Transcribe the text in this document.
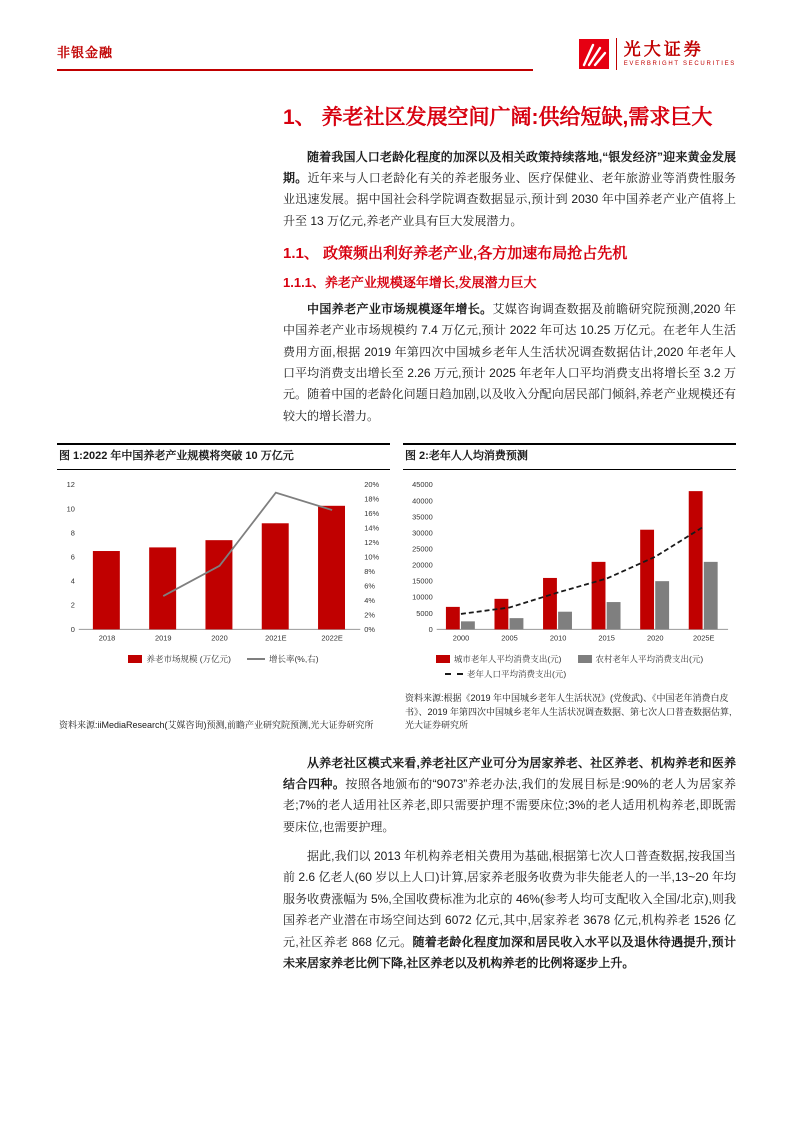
非银金融	光大证券
EVERBRIGHT SECURITIES
1、 养老社区发展空间广阔:供给短缺,需求巨大

随着我国人口老龄化程度的加深以及相关政策持续落地,“银发经济”迎来黄金发展期。近年来与人口老龄化有关的养老服务业、医疗保健业、老年旅游业等消费性服务业迅速发展。据中国社会科学院调查数据显示,预计到 2030 年中国养老产业产值将上升至 13 万亿元,养老产业具有巨大发展潜力。

1.1、 政策频出利好养老产业,各方加速布局抢占先机
1.1.1、养老产业规模逐年增长,发展潜力巨大

中国养老产业市场规模逐年增长。艾媒咨询调查数据及前瞻研究院预测,2020 年中国养老产业市场规模约 7.4 万亿元,预计 2022 年可达 10.25 万亿元。在老年人生活费用方面,根据 2019 年第四次中国城乡老年人生活状况调查数据估计,2020 年老年人口平均消费支出增长至 2.26 万元,预计 2025 年老年人口平均消费支出将增长至 3.2 万元。随着中国的老龄化问题日趋加剧,以及收入分配向居民部门倾斜,养老产业规模还有较大的增长潜力。

图 1:2022 年中国养老产业规模将突破 10 万亿元
0
2
4
6
8
10
12
0%
2%
4%
6%
8%
10%
12%
14%
16%
18%
20%
2018	2019	2020	2021E	2022E
养老市场规模 (万亿元)	增长率(%,右)
资料来源:iiMediaResearch(艾媒咨询)预测,前瞻产业研究院预测,光大证券研究所
图 2:老年人人均消费预测
0
5000
10000
15000
20000
25000
30000
35000
40000
45000
2000	2005	2010	2015	2020	2025E
城市老年人平均消费支出(元)	农村老年人平均消费支出(元)
老年人口平均消费支出(元)
资料来源:根据《2019 年中国城乡老年人生活状况》(党俊武)、《中国老年消费白皮书》、2019 年第四次中国城乡老年人生活状况调查数据、第七次人口普查数据估算,光大证券研究所

从养老社区模式来看,养老社区产业可分为居家养老、社区养老、机构养老和医养结合四种。按照各地颁布的“9073”养老办法,我们的发展目标是:90%的老人为居家养老;7%的老人适用社区养老,即只需要护理不需要床位;3%的老人适用机构养老,即既需要床位,也需要护理。

据此,我们以 2013 年机构养老相关费用为基础,根据第七次人口普查数据,按我国当前 2.6 亿老人(60 岁以上人口)计算,居家养老服务收费为非失能老人的一半,13~20 年均服务收费涨幅为 5%,全国收费标准为北京的 46%(参考人均可支配收入全国/北京),则我国养老产业潜在市场空间达到 6072 亿元,其中,居家养老 3678 亿元,机构养老 1526 亿元,社区养老 868 亿元。随着老龄化程度加深和居民收入水平以及退休待遇提升,预计未来居家养老比例下降,社区养老以及机构养老的比例将逐步上升。
